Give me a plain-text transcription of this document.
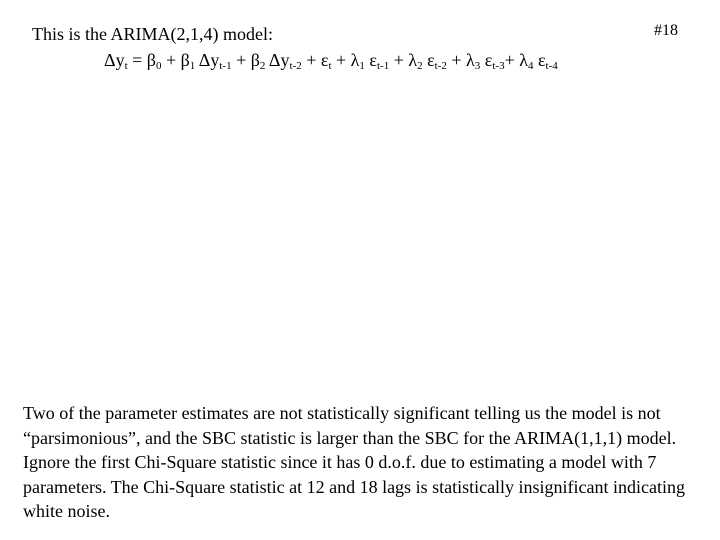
#18
This is the ARIMA(2,1,4) model:
$\Delta y_t = \beta_0 + \beta_1$ $\Delta y_{t-1} + \beta_2$ $\Delta y_{t-2} + \varepsilon_t + \lambda_1$ $\varepsilon_{t-1} + \lambda_2$ $\varepsilon_{t-2} + \lambda_3$ $\varepsilon_{t-3}+ \lambda_4$ $\varepsilon_{t-4}$
Two of the parameter estimates are not statistically significant telling us the model is not “parsimonious”, and the SBC statistic is larger than the SBC for the ARIMA(1,1,1) model. Ignore the first Chi-Square statistic since it has 0 d.o.f. due to estimating a model with 7 parameters. The Chi-Square statistic at 12 and 18 lags is statistically insignificant indicating white noise.
